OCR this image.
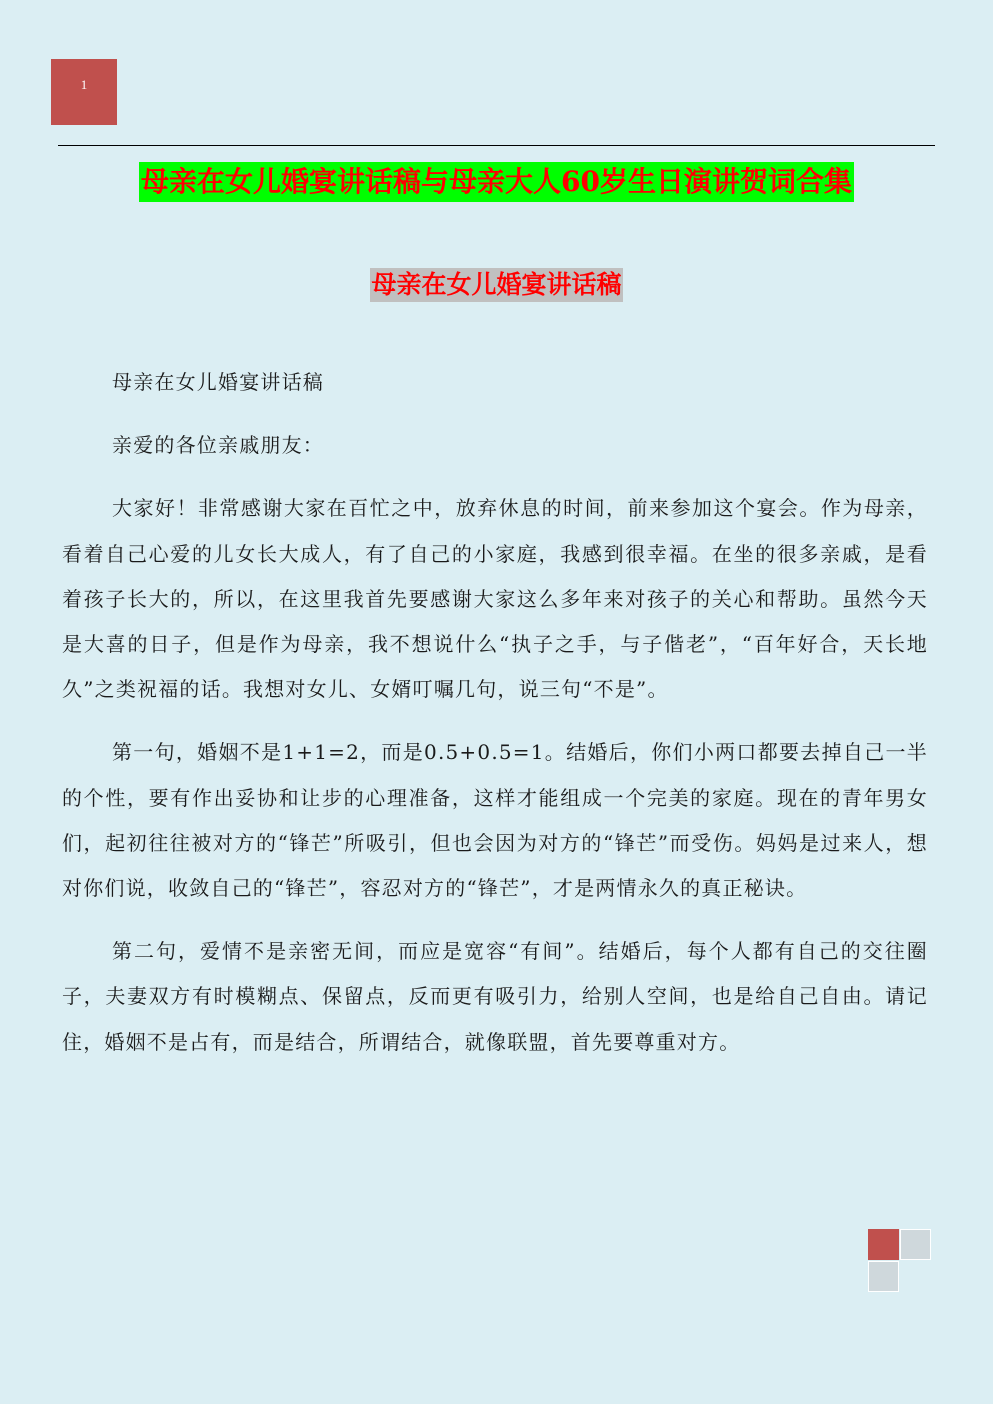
1
母亲在女儿婚宴讲话稿与母亲大人60岁生日演讲贺词合集
母亲在女儿婚宴讲话稿

母亲在女儿婚宴讲话稿

亲爱的各位亲戚朋友：

大家好！非常感谢大家在百忙之中，放弃休息的时间，前来参加这个宴会。作为母亲，看着自己心爱的儿女长大成人，有了自己的小家庭，我感到很幸福。在坐的很多亲戚，是看着孩子长大的，所以，在这里我首先要感谢大家这么多年来对孩子的关心和帮助。虽然今天是大喜的日子，但是作为母亲，我不想说什么“执子之手，与子偕老”，“百年好合，天长地久”之类祝福的话。我想对女儿、女婿叮嘱几句，说三句“不是”。

第一句，婚姻不是1+1=2，而是0.5+0.5=1。结婚后，你们小两口都要去掉自己一半的个性，要有作出妥协和让步的心理准备，这样才能组成一个完美的家庭。现在的青年男女们，起初往往被对方的“锋芒”所吸引，但也会因为对方的“锋芒”而受伤。妈妈是过来人，想对你们说，收敛自己的“锋芒”，容忍对方的“锋芒”，才是两情永久的真正秘诀。

第二句，爱情不是亲密无间，而应是宽容“有间”。结婚后，每个人都有自己的交往圈子，夫妻双方有时模糊点、保留点，反而更有吸引力，给别人空间，也是给自己自由。请记住，婚姻不是占有，而是结合，所谓结合，就像联盟，首先要尊重对方。
